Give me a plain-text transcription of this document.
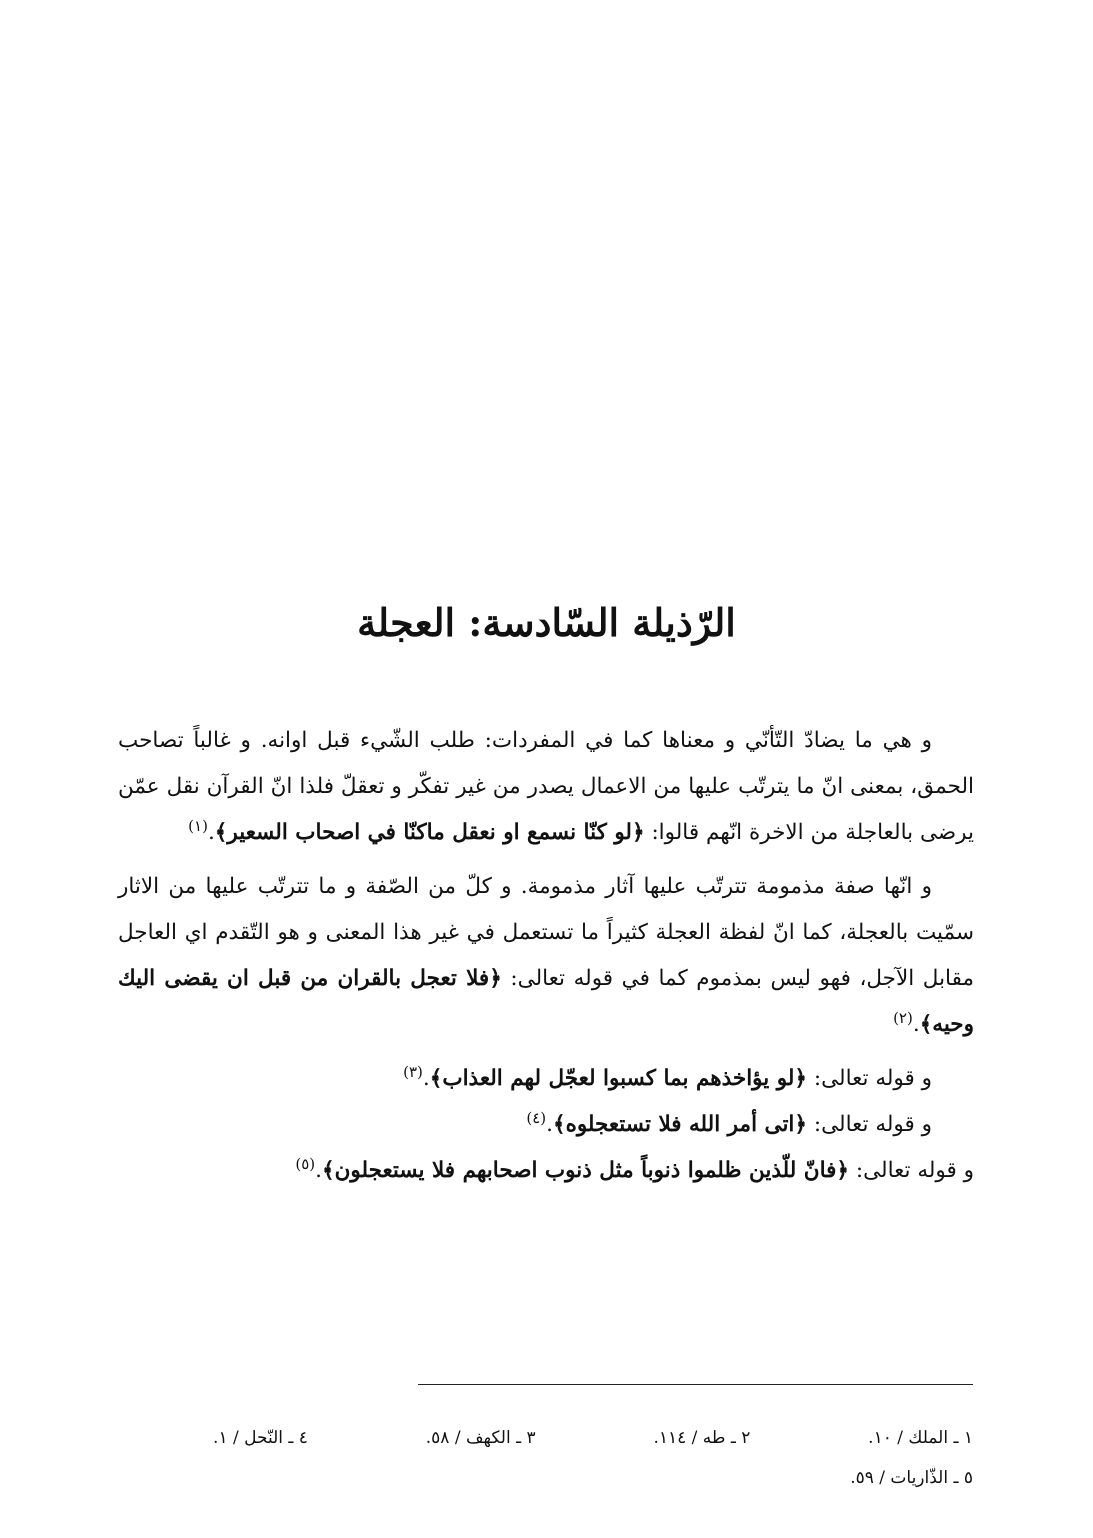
الرّذيلة السّادسة: العجلة

و هي ما يضادّ التّأنّي و معناها كما في المفردات: طلب الشّيء قبل اوانه. و غالباً تصاحب الحمق، بمعنى انّ ما يترتّب عليها من الاعمال يصدر من غير تفكّر و تعقلّ فلذا انّ القرآن نقل عمّن يرضى بالعاجلة من الاخرة انّهم قالوا: ﴿لو كنّا نسمع او نعقل ماكنّا في اصحاب السعير﴾.$^{(١)}$

و انّها صفة مذمومة تترتّب عليها آثار مذمومة. و كلّ من الصّفة و ما تترتّب عليها من الاثار سمّيت بالعجلة، كما انّ لفظة العجلة كثيراً ما تستعمل في غير هذا المعنى و هو التّقدم اي العاجل مقابل الآجل، فهو ليس بمذموم كما في قوله تعالى: ﴿فلا تعجل بالقران من قبل ان يقضى اليك وحيه﴾.$^{(٢)}$

و قوله تعالى: ﴿لو يؤاخذهم بما كسبوا لعجّل لهم العذاب﴾.$^{(٣)}$

و قوله تعالى: ﴿اتى أمر الله فلا تستعجلوه﴾.$^{(٤)}$

و قوله تعالى: ﴿فانّ للّذين ظلموا ذنوباً مثل ذنوب اصحابهم فلا يستعجلون﴾.$^{(٥)}$

١ ـ الملك / ١٠.
٢ ـ طه / ١١٤.
٣ ـ الكهف / ٥٨.
٤ ـ النّحل / ١.
٥ ـ الذّاريات / ٥٩.
